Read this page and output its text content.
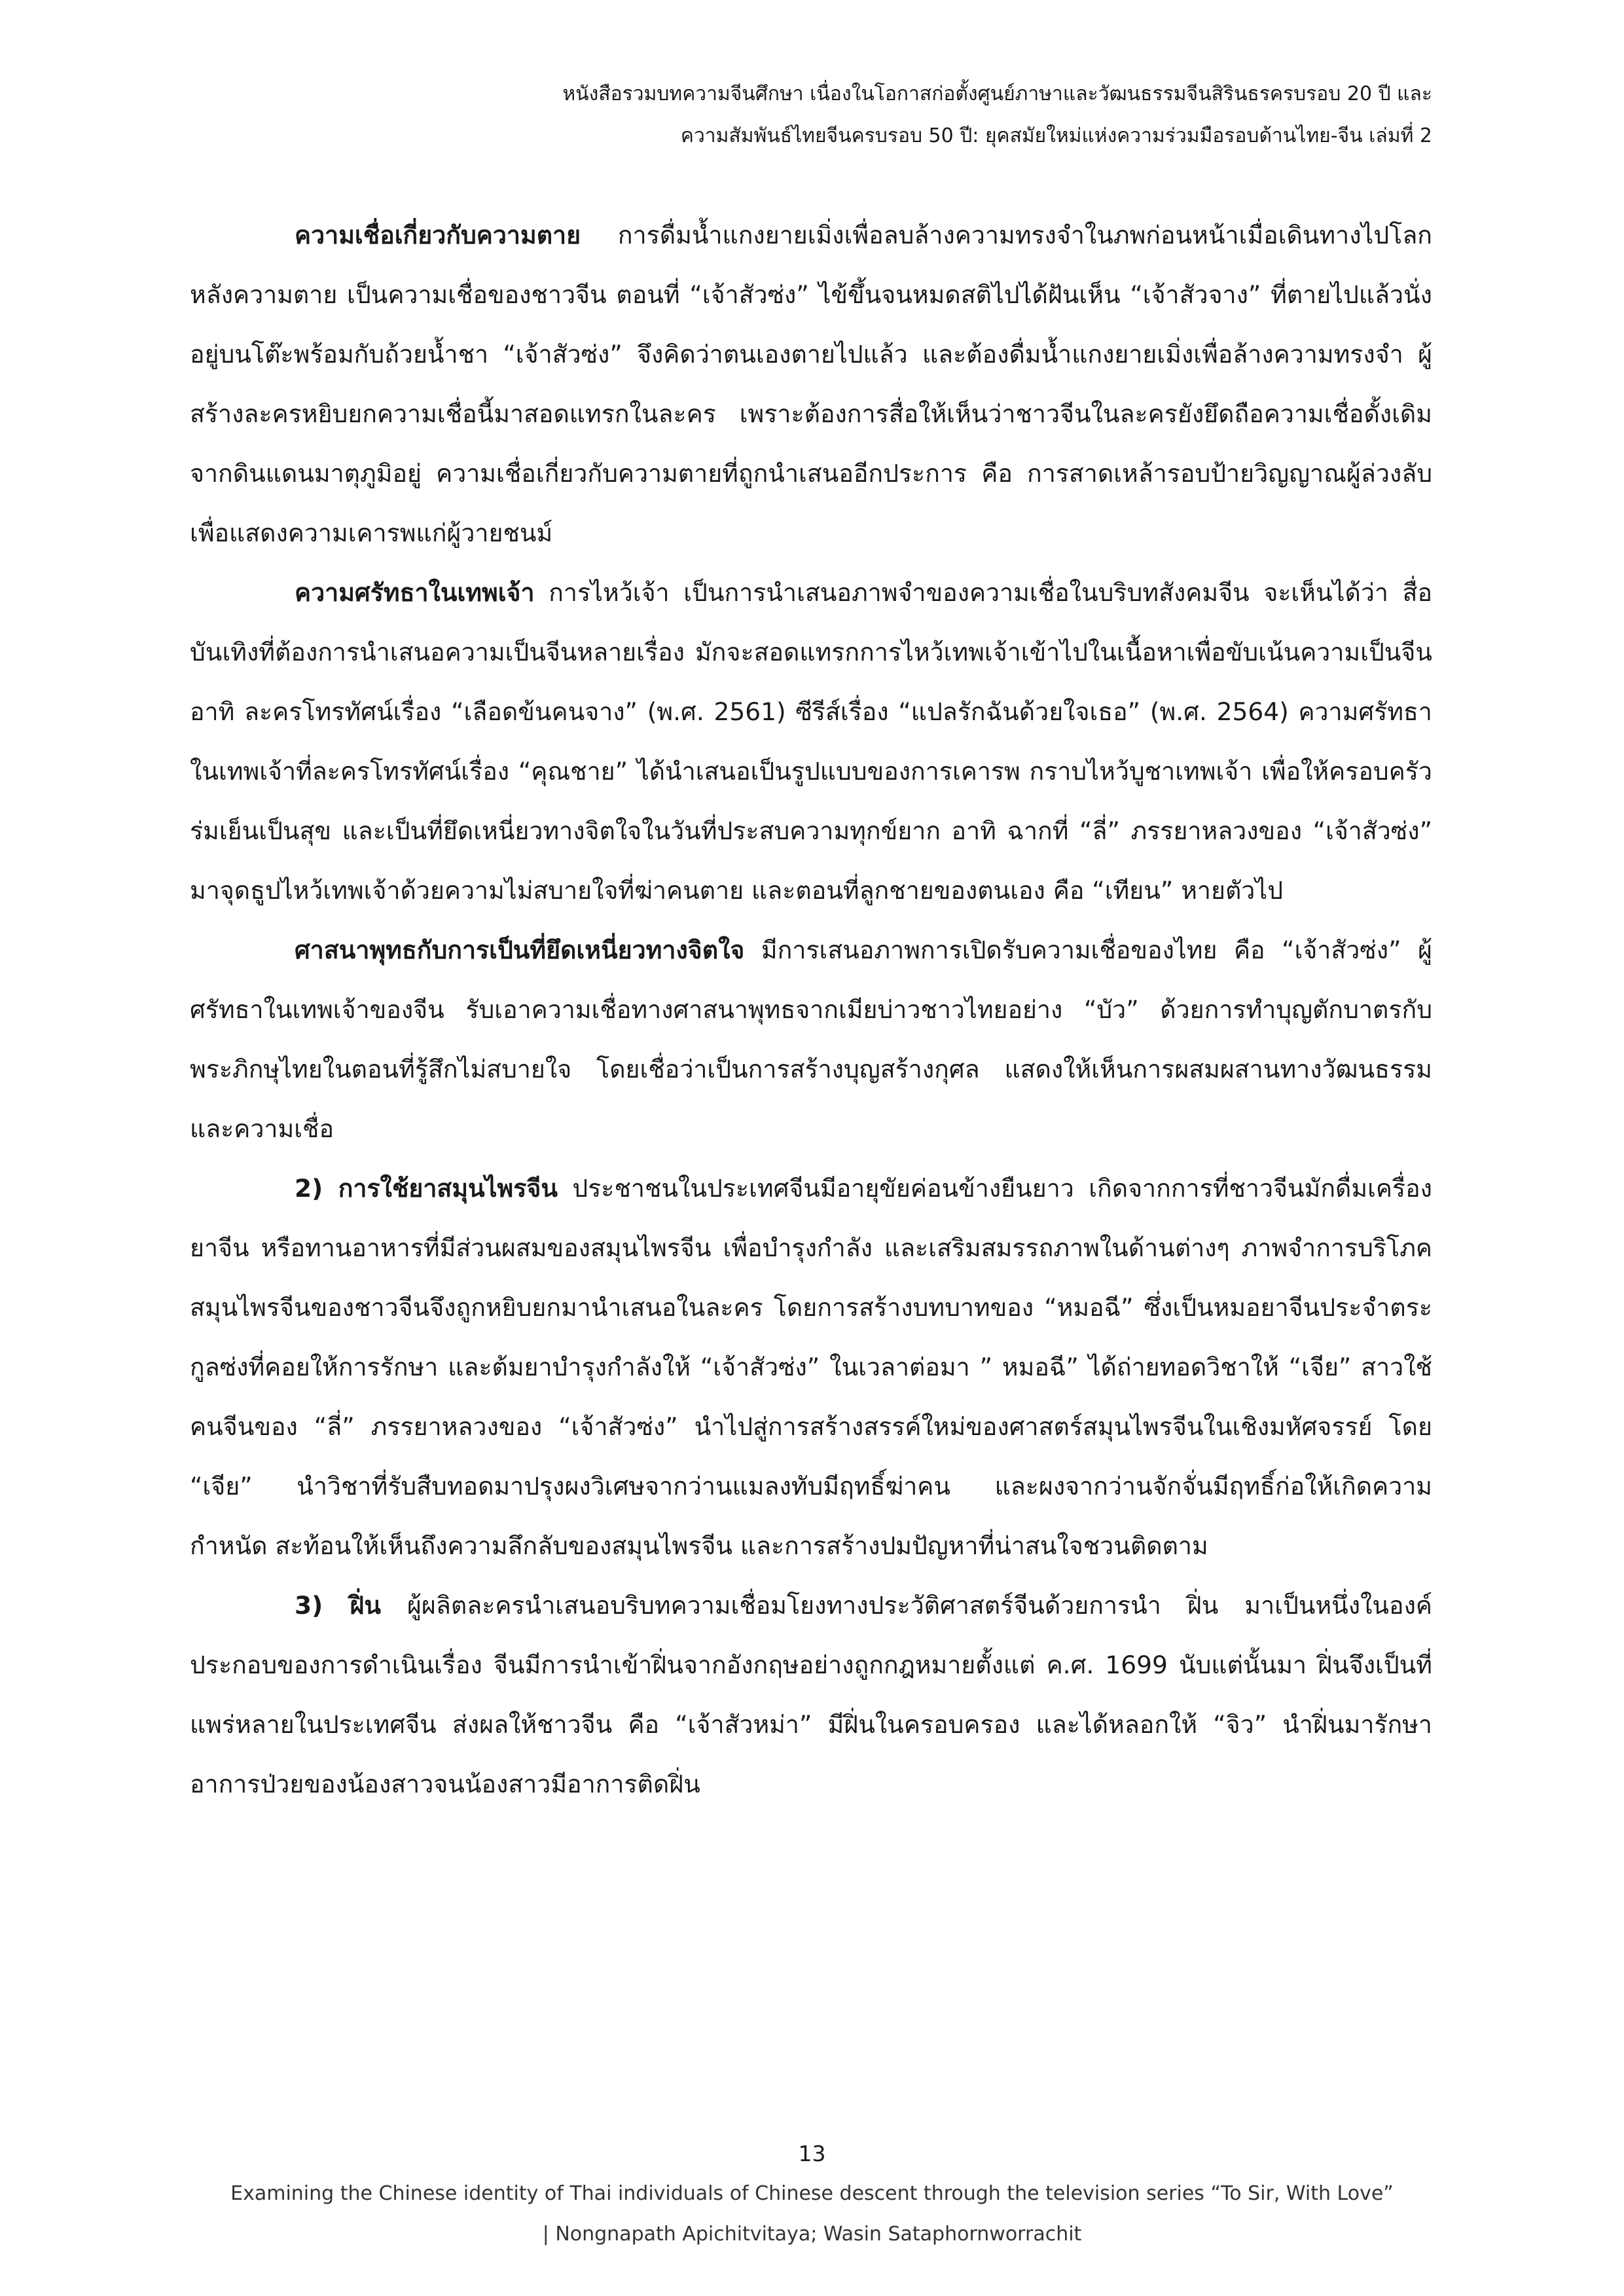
หนังสือรวมบทความจีนศึกษา เนื่องในโอกาสก่อตั้งศูนย์ภาษาและวัฒนธรรมจีนสิรินธรครบรอบ 20 ปี และ
ความสัมพันธ์ไทยจีนครบรอบ 50 ปี: ยุคสมัยใหม่แห่งความร่วมมือรอบด้านไทย-จีน เล่มที่ 2

ความเชื่อเกี่ยวกับความตาย การดื่มน้ำแกงยายเมิ่งเพื่อลบล้างความทรงจำในภพก่อนหน้าเมื่อเดินทางไปโลกหลังความตาย เป็นความเชื่อของชาวจีน ตอนที่ “เจ้าสัวซ่ง” ไข้ขึ้นจนหมดสติไปได้ฝันเห็น “เจ้าสัวจาง” ที่ตายไปแล้วนั่งอยู่บนโต๊ะพร้อมกับถ้วยน้ำชา “เจ้าสัวซ่ง” จึงคิดว่าตนเองตายไปแล้ว และต้องดื่มน้ำแกงยายเมิ่งเพื่อล้างความทรงจำ ผู้สร้างละครหยิบยกความเชื่อนี้มาสอดแทรกในละคร เพราะต้องการสื่อให้เห็นว่าชาวจีนในละครยังยึดถือความเชื่อดั้งเดิมจากดินแดนมาตุภูมิอยู่ ความเชื่อเกี่ยวกับความตายที่ถูกนำเสนออีกประการ คือ การสาดเหล้ารอบป้ายวิญญาณผู้ล่วงลับ เพื่อแสดงความเคารพแก่ผู้วายชนม์

ความศรัทธาในเทพเจ้า การไหว้เจ้า เป็นการนำเสนอภาพจำของความเชื่อในบริบทสังคมจีน จะเห็นได้ว่า สื่อบันเทิงที่ต้องการนำเสนอความเป็นจีนหลายเรื่อง มักจะสอดแทรกการไหว้เทพเจ้าเข้าไปในเนื้อหาเพื่อขับเน้นความเป็นจีน อาทิ ละครโทรทัศน์เรื่อง “เลือดข้นคนจาง” (พ.ศ. 2561) ซีรีส์เรื่อง “แปลรักฉันด้วยใจเธอ” (พ.ศ. 2564) ความศรัทธาในเทพเจ้าที่ละครโทรทัศน์เรื่อง “คุณชาย” ได้นำเสนอเป็นรูปแบบของการเคารพ กราบไหว้บูชาเทพเจ้า เพื่อให้ครอบครัวร่มเย็นเป็นสุข และเป็นที่ยึดเหนี่ยวทางจิตใจในวันที่ประสบความทุกข์ยาก อาทิ ฉากที่ “ลี่” ภรรยาหลวงของ “เจ้าสัวซ่ง” มาจุดธูปไหว้เทพเจ้าด้วยความไม่สบายใจที่ฆ่าคนตาย และตอนที่ลูกชายของตนเอง คือ “เทียน” หายตัวไป

ศาสนาพุทธกับการเป็นที่ยึดเหนี่ยวทางจิตใจ มีการเสนอภาพการเปิดรับความเชื่อของไทย คือ “เจ้าสัวซ่ง” ผู้ศรัทธาในเทพเจ้าของจีน รับเอาความเชื่อทางศาสนาพุทธจากเมียบ่าวชาวไทยอย่าง “บัว” ด้วยการทำบุญตักบาตรกับพระภิกษุไทยในตอนที่รู้สึกไม่สบายใจ โดยเชื่อว่าเป็นการสร้างบุญสร้างกุศล แสดงให้เห็นการผสมผสานทางวัฒนธรรม และความเชื่อ

2) การใช้ยาสมุนไพรจีน ประชาชนในประเทศจีนมีอายุขัยค่อนข้างยืนยาว เกิดจากการที่ชาวจีนมักดื่มเครื่องยาจีน หรือทานอาหารที่มีส่วนผสมของสมุนไพรจีน เพื่อบำรุงกำลัง และเสริมสมรรถภาพในด้านต่างๆ ภาพจำการบริโภคสมุนไพรจีนของชาวจีนจึงถูกหยิบยกมานำเสนอในละคร โดยการสร้างบทบาทของ “หมอฉี” ซึ่งเป็นหมอยาจีนประจำตระกูลซ่งที่คอยให้การรักษา และต้มยาบำรุงกำลังให้ “เจ้าสัวซ่ง” ในเวลาต่อมา ” หมอฉี” ได้ถ่ายทอดวิชาให้ “เจีย” สาวใช้คนจีนของ “ลี่” ภรรยาหลวงของ “เจ้าสัวซ่ง” นำไปสู่การสร้างสรรค์ใหม่ของศาสตร์สมุนไพรจีนในเชิงมหัศจรรย์ โดย “เจีย” นำวิชาที่รับสืบทอดมาปรุงผงวิเศษจากว่านแมลงทับมีฤทธิ์ฆ่าคน และผงจากว่านจักจั่นมีฤทธิ์ก่อให้เกิดความกำหนัด สะท้อนให้เห็นถึงความลึกลับของสมุนไพรจีน และการสร้างปมปัญหาที่น่าสนใจชวนติดตาม

3) ฝิ่น ผู้ผลิตละครนำเสนอบริบทความเชื่อมโยงทางประวัติศาสตร์จีนด้วยการนำ ฝิ่น มาเป็นหนึ่งในองค์ประกอบของการดำเนินเรื่อง จีนมีการนำเข้าฝิ่นจากอังกฤษอย่างถูกกฎหมายตั้งแต่ ค.ศ. 1699 นับแต่นั้นมา ฝิ่นจึงเป็นที่แพร่หลายในประเทศจีน ส่งผลให้ชาวจีน คือ “เจ้าสัวหม่า” มีฝิ่นในครอบครอง และได้หลอกให้ “จิว” นำฝิ่นมารักษาอาการป่วยของน้องสาวจนน้องสาวมีอาการติดฝิ่น

13
Examining the Chinese identity of Thai individuals of Chinese descent through the television series “To Sir, With Love”
| Nongnapath Apichitvitaya; Wasin Sataphornworrachit
